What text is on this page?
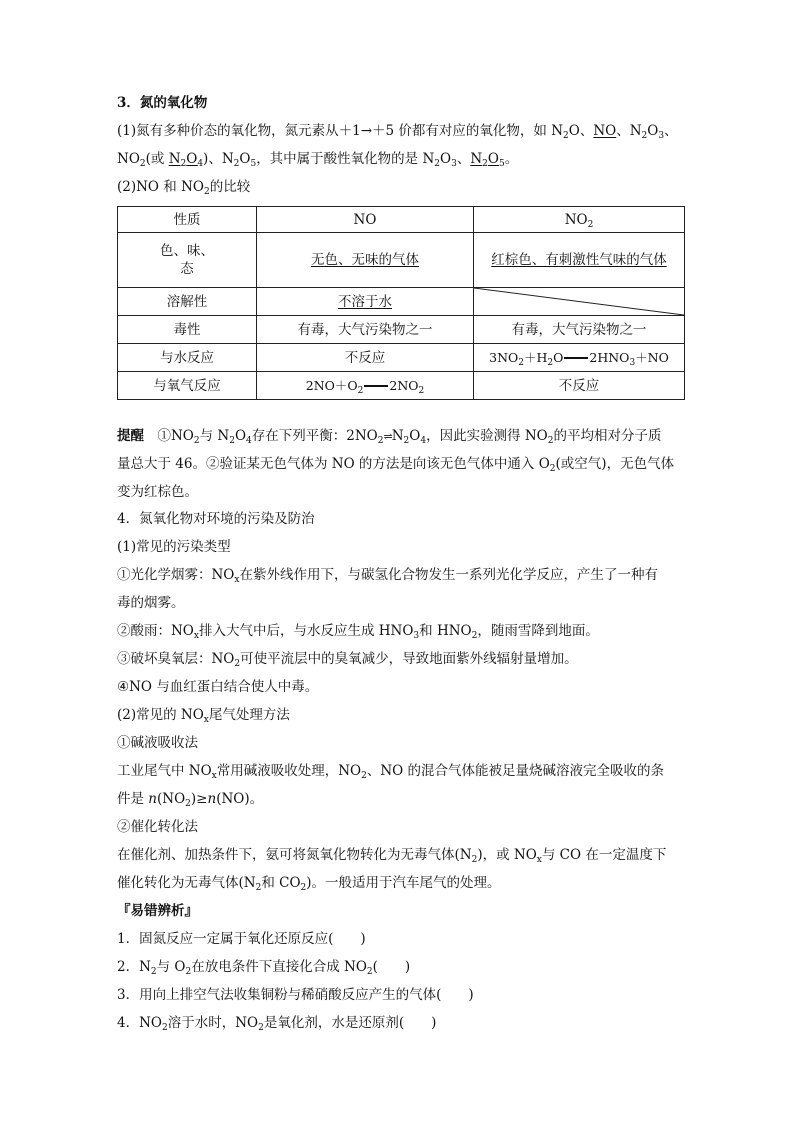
3．氮的氧化物
(1)氮有多种价态的氧化物，氮元素从＋1→＋5 价都有对应的氧化物，如 $N_2O$、NO、$N_2O_3$、
$NO_2$(或 $N_2O_4$)、$N_2O_5$，其中属于酸性氧化物的是 $N_2O_3$、$N_2O_5$。
(2)NO 和 $NO_2$的比较
性质	NO	$NO_2$
色、味、
态	无色、无味的气体	红棕色、有刺激性气味的气体
溶解性	不溶于水	

毒性	有毒，大气污染物之一	有毒，大气污染物之一
与水反应	不反应	$3NO_2+H_2O$ $2HNO_3+NO$
与氧气反应	$2NO+O_2$ $2NO_2$	不反应
提醒　 $①NO_2$与 $N_2O_4$存在下列平衡：$2NO_2\rightleftharpoons N_2O_4$，因此实验测得 $NO_2$的平均相对分子质
量总大于 46。②验证某无色气体为 NO 的方法是向该无色气体中通入 $O_2$(或空气)，无色气体
变为红棕色。
4．氮氧化物对环境的污染及防治
(1)常见的污染类型
①光化学烟雾：$NO_x$在紫外线作用下，与碳氢化合物发生一系列光化学反应，产生了一种有
毒的烟雾。
②酸雨：$NO_x$排入大气中后，与水反应生成 $HNO_3$和 $HNO_2$，随雨雪降到地面。
③破坏臭氧层：$NO_2$可使平流层中的臭氧减少，导致地面紫外线辐射量增加。
④NO 与血红蛋白结合使人中毒。
(2)常见的 $NO_x$尾气处理方法
①碱液吸收法
工业尾气中 $NO_x$常用碱液吸收处理，$NO_2$、NO 的混合气体能被足量烧碱溶液完全吸收的条
件是 $n(NO_2)\ge n(NO)$。
②催化转化法
在催化剂、加热条件下，氨可将氮氧化物转化为无毒气体$(N_2)$，或 $NO_x$与 CO 在一定温度下
催化转化为无毒气体($N_2$和 $CO_2$)。一般适用于汽车尾气的处理。
『易错辨析』
1．固氮反应一定属于氧化还原反应(　　)
2．$N_2$与 $O_2$在放电条件下直接化合成 $NO_2$(　　)
3．用向上排空气法收集铜粉与稀硝酸反应产生的气体(　　)
4．$NO_2$溶于水时，$NO_2$是氧化剂，水是还原剂(　　)
